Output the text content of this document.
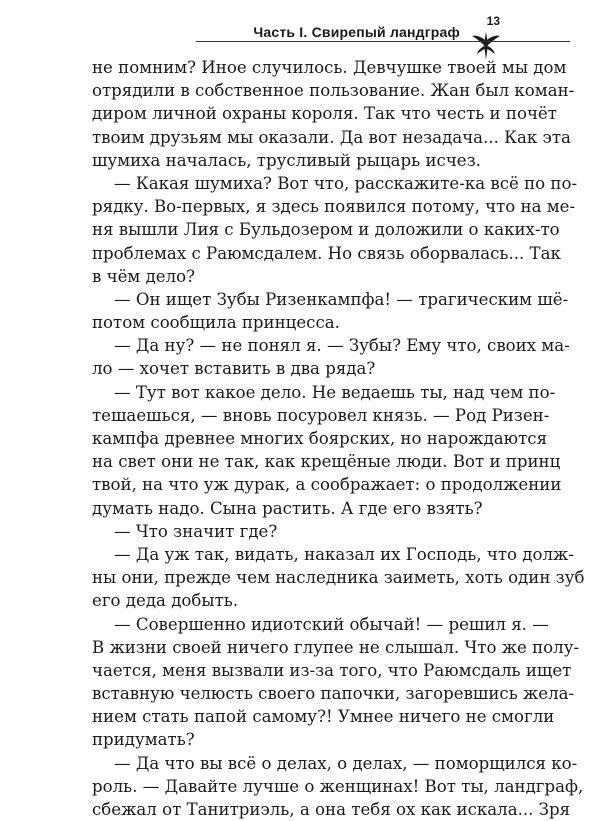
Часть I. Свирепый ландграф
13
не помним? Иное случилось. Девчушке твоей мы дом
отрядили в собственное пользование. Жан был коман-
диром личной охраны короля. Так что честь и почёт
твоим друзьям мы оказали. Да вот незадача... Как эта
шумиха началась, трусливый рыцарь исчез.
— Какая шумиха? Вот что, расскажите-ка всё по по-
рядку. Во-первых, я здесь появился потому, что на ме-
ня вышли Лия с Бульдозером и доложили о каких-то
проблемах с Раюмсдалем. Но связь оборвалась... Так
в чём дело?
— Он ищет Зубы Ризенкампфа! — трагическим шё-
потом сообщила принцесса.
— Да ну? — не понял я. — Зубы? Ему что, своих ма-
ло — хочет вставить в два ряда?
— Тут вот какое дело. Не ведаешь ты, над чем по-
тешаешься, — вновь посуровел князь. — Род Ризен-
кампфа древнее многих боярских, но нарождаются
на свет они не так, как крещёные люди. Вот и принц
твой, на что уж дурак, а соображает: о продолжении
думать надо. Сына растить. А где его взять?
— Что значит где?
— Да уж так, видать, наказал их Господь, что долж-
ны они, прежде чем наследника заиметь, хоть один зуб
его деда добыть.
— Совершенно идиотский обычай! — решил я. —
В жизни своей ничего глупее не слышал. Что же полу-
чается, меня вызвали из-за того, что Раюмсдаль ищет
вставную челюсть своего папочки, загоревшись жела-
нием стать папой самому?! Умнее ничего не смогли
придумать?
— Да что вы всё о делах, о делах, — поморщился ко-
роль. — Давайте лучше о женщинах! Вот ты, ландграф,
сбежал от Танитриэль, а она тебя ох как искала... Зря
